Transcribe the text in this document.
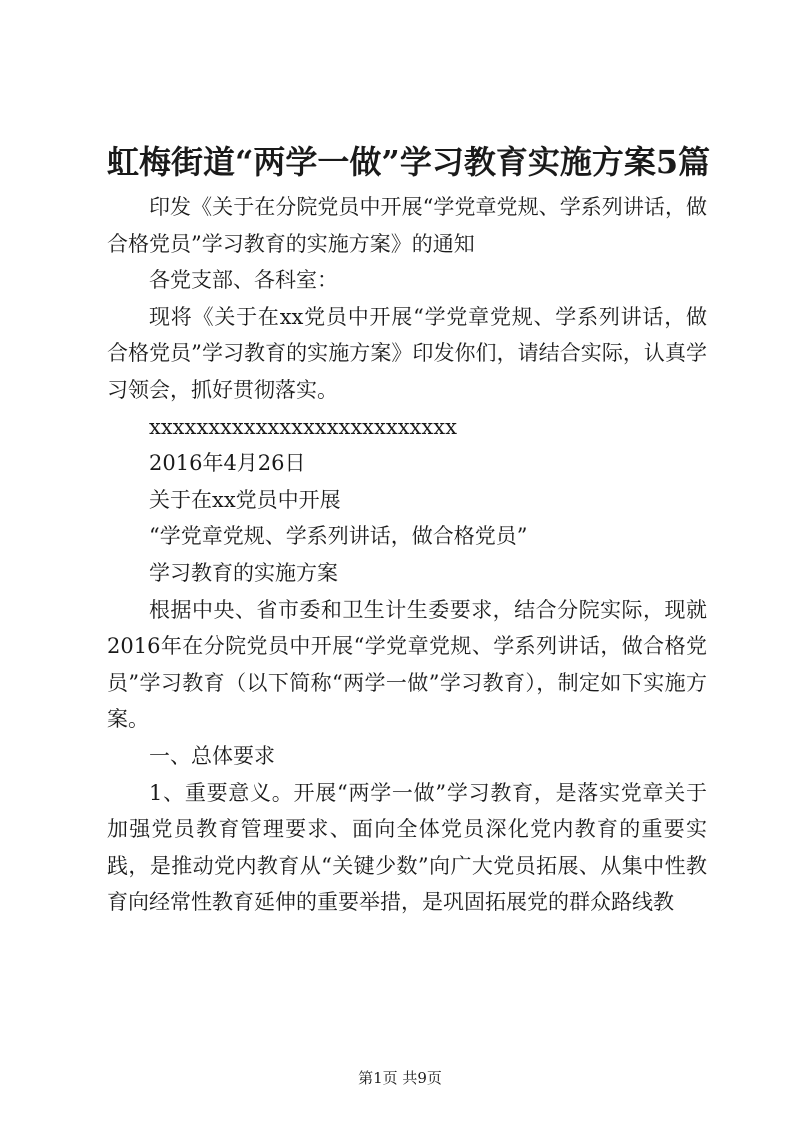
虹梅街道“两学一做”学习教育实施方案5篇

印发《关于在分院党员中开展“学党章党规、学系列讲话，做合格党员”学习教育的实施方案》的通知

各党支部、各科室：

现将《关于在xx党员中开展“学党章党规、学系列讲话，做合格党员”学习教育的实施方案》印发你们，请结合实际，认真学习领会，抓好贯彻落实。

xxxxxxxxxxxxxxxxxxxxxxxxxx

2016年4月26日

关于在xx党员中开展

“学党章党规、学系列讲话，做合格党员”

学习教育的实施方案

根据中央、省市委和卫生计生委要求，结合分院实际，现就2016年在分院党员中开展“学党章党规、学系列讲话，做合格党员”学习教育（以下简称“两学一做”学习教育），制定如下实施方案。

一、总体要求

1、重要意义。开展“两学一做”学习教育，是落实党章关于加强党员教育管理要求、面向全体党员深化党内教育的重要实践，是推动党内教育从“关键少数”向广大党员拓展、从集中性教育向经常性教育延伸的重要举措，是巩固拓展党的群众路线教

第1页 共9页
